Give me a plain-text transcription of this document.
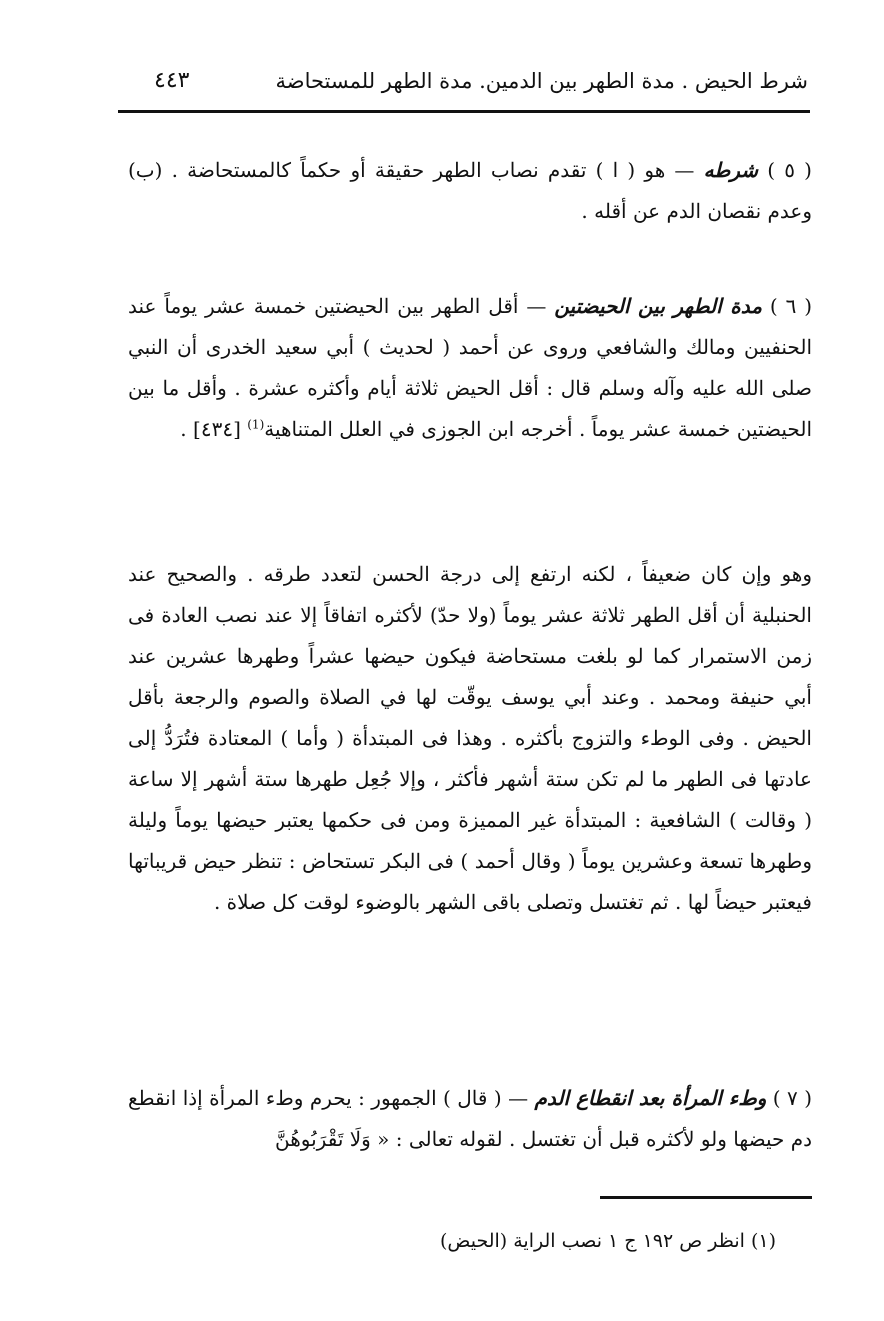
شرط الحيض . مدة الطهر بين الدمين. مدة الطهر للمستحاضة
٤٤٣

( ٥ ) شرطه — هو ( ا ) تقدم نصاب الطهر حقيقة أو حكماً كالمستحاضة . (ب) وعدم نقصان الدم عن أقله .

( ٦ ) مدة الطهر بين الحيضتين — أقل الطهر بين الحيضتين خمسة عشر يوماً عند الحنفيين ومالك والشافعي وروى عن أحمد ( لحديث ) أبي سعيد الخدرى أن النبي صلى الله عليه وآله وسلم قال : أقل الحيض ثلاثة أيام وأكثره عشرة . وأقل ما بين الحيضتين خمسة عشر يوماً . أخرجه ابن الجوزى في العلل المتناهية$^{(1)}$ [٤٣٤] .

وهو وإن كان ضعيفاً ، لكنه ارتفع إلى درجة الحسن لتعدد طرقه . والصحيح عند الحنبلية أن أقل الطهر ثلاثة عشر يوماً (ولا حدّ) لأكثره اتفاقاً إلا عند نصب العادة فى زمن الاستمرار كما لو بلغت مستحاضة فيكون حيضها عشراً وطهرها عشرين عند أبي حنيفة ومحمد . وعند أبي يوسف يوقّت لها في الصلاة والصوم والرجعة بأقل الحيض . وفى الوطء والتزوج بأكثره . وهذا فى المبتدأة ( وأما ) المعتادة فتُرَدُّ إلى عادتها فى الطهر ما لم تكن ستة أشهر فأكثر ، وإلا جُعِل طهرها ستة أشهر إلا ساعة ( وقالت ) الشافعية : المبتدأة غير المميزة ومن فى حكمها يعتبر حيضها يوماً وليلة وطهرها تسعة وعشرين يوماً ( وقال أحمد ) فى البكر تستحاض : تنظر حيض قريباتها فيعتبر حيضاً لها . ثم تغتسل وتصلى باقى الشهر بالوضوء لوقت كل صلاة .

( ٧ ) وطء المرأة بعد انقطاع الدم — ( قال ) الجمهور : يحرم وطء المرأة إذا انقطع دم حيضها ولو لأكثره قبل أن تغتسل . لقوله تعالى : « وَلَا تَقْرَبُوهُنَّ

(١) انظر ص ١٩٢ ج ١ نصب الراية (الحيض)
